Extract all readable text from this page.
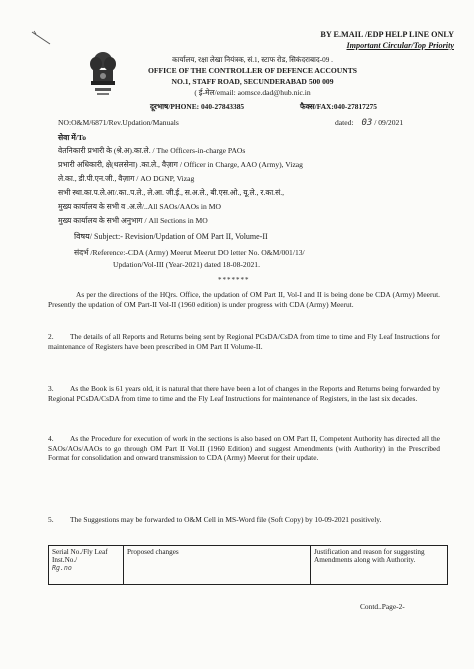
BY E.MAIL /EDP HELP LINE ONLY
Important Circular/Top Priority
कार्यालय, रक्षा लेखा नियंत्रक, सं.1, स्टाफ रोड, सिकंदराबाद-09 .
OFFICE OF THE CONTROLLER OF DEFENCE ACCOUNTS
NO.1, STAFF ROAD, SECUNDERABAD 500 009
( ई-मेल/email: aomsce.dad@hub.nic.in
दूरभाष/PHONE: 040-27843385	फैक्स/FAX:040-27817275
NO:O&M/6871/Rev.Updation/Manuals	dated: 03 / 09/2021
सेवा में/To
वेतनिकारी प्रभारी के (श्रे.अ).का.ले. / The Officers-in-charge PAOs
प्रभारी अधिकारी, क्षे(थलसेना) .का.ले., वैज़ाग / Officer in Charge, AAO (Army), Vizag
ले.का., डी.पी.एन.जी., वैज़ाग / AO DGNP, Vizag
सभी स्था.का.प.ले.आ/.का..प.ले., ले.आ. जी.ई., स.अ.ले., बी.एस.ओ., यू.ले., र.का.सं.,
मुख्य कार्यालय के सभी व .अ.ले/..All SAOs/AAOs in MO
मुख्य कार्यालय के सभी अनुभाग / All Sections in MO
विषय/ Subject:- Revision/Updation of OM Part II, Volume-II
संदर्भ /Reference:-CDA (Army) Meerut Meerut DO letter No. O&M/001/13/
Updation/Vol-III (Year-2021) dated 18-08-2021.
*******
As per the directions of the HQrs. Office, the updation of OM Part II, Vol-I and II is being done be CDA (Army) Meerut. Presently the updation of OM Part-II Vol-II (1960 edition) is under progress with CDA (Army) Meerut.
2. The details of all Reports and Returns being sent by Regional PCsDA/CsDA from time to time and Fly Leaf Instructions for maintenance of Registers have been prescribed in OM Part II Volume-II.
3. As the Book is 61 years old, it is natural that there have been a lot of changes in the Reports and Returns being forwarded by Regional PCsDA/CsDA from time to time and the Fly Leaf Instructions for maintenance of Registers, in the last six decades.
4. As the Procedure for execution of work in the sections is also based on OM Part II, Competent Authority has directed all the SAOs/AOs/AAOs to go through OM Part II Vol.II (1960 Edition) and suggest Amendments (with Authority) in the Prescribed Format for consolidation and onward transmission to CDA (Army) Meerut for their update.
5. The Suggestions may be forwarded to O&M Cell in MS-Word file (Soft Copy) by 10-09-2021 positively.
Serial No./Fly Leaf Inst.No./
Rg.no
	Proposed changes	Justification and reason for suggesting Amendments along with Authority.
Contd..Page-2-
